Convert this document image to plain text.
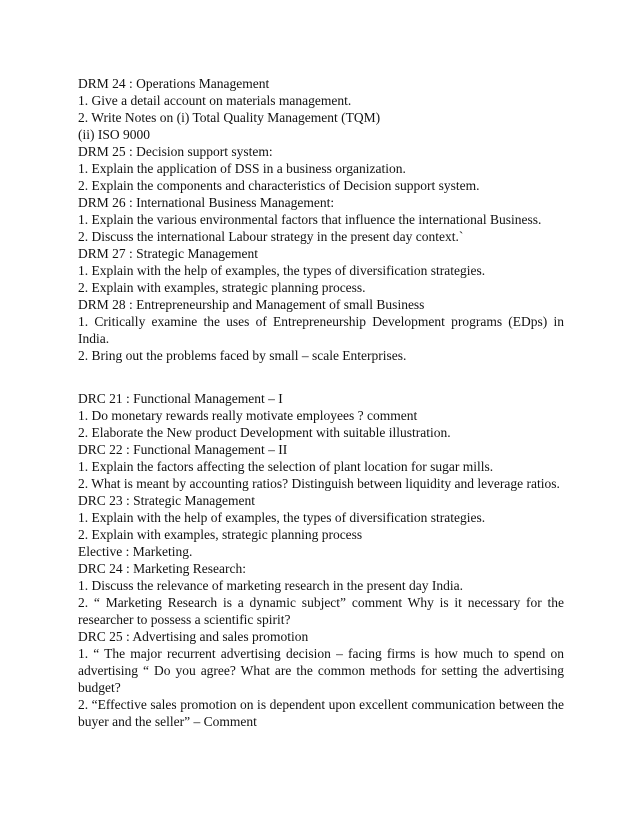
DRM 24 : Operations Management
1. Give a detail account on materials management.
2. Write Notes on (i) Total Quality Management (TQM)
(ii) ISO 9000
DRM 25 : Decision support system:
1. Explain the application of DSS in a business organization.
2. Explain the components and characteristics of Decision support system.
DRM 26 : International Business Management:
1. Explain the various environmental factors that influence the international Business.
2. Discuss the international Labour strategy in the present day context.`
DRM 27 : Strategic Management
1. Explain with the help of examples, the types of diversification strategies.
2. Explain with examples, strategic planning process.
DRM 28 : Entrepreneurship and Management of small Business
1. Critically examine the uses of Entrepreneurship Development programs (EDps) in India.
2. Bring out the problems faced by small – scale Enterprises.
DRC 21 : Functional Management – I
1. Do monetary rewards really motivate employees ? comment
2. Elaborate the New product Development with suitable illustration.
DRC 22 : Functional Management – II
1. Explain the factors affecting the selection of plant location for sugar mills.
2. What is meant by accounting ratios? Distinguish between liquidity and leverage ratios.
DRC 23 : Strategic Management
1. Explain with the help of examples, the types of diversification strategies.
2. Explain with examples, strategic planning process
Elective : Marketing.
DRC 24 : Marketing Research:
1. Discuss the relevance of marketing research in the present day India.
2. “ Marketing Research is a dynamic subject” comment Why is it necessary for the researcher to possess a scientific spirit?
DRC 25 : Advertising and sales promotion
1. “ The major recurrent advertising decision – facing firms is how much to spend on advertising “ Do you agree? What are the common methods for setting the advertising budget?
2. “Effective sales promotion on is dependent upon excellent communication between the buyer and the seller” – Comment
